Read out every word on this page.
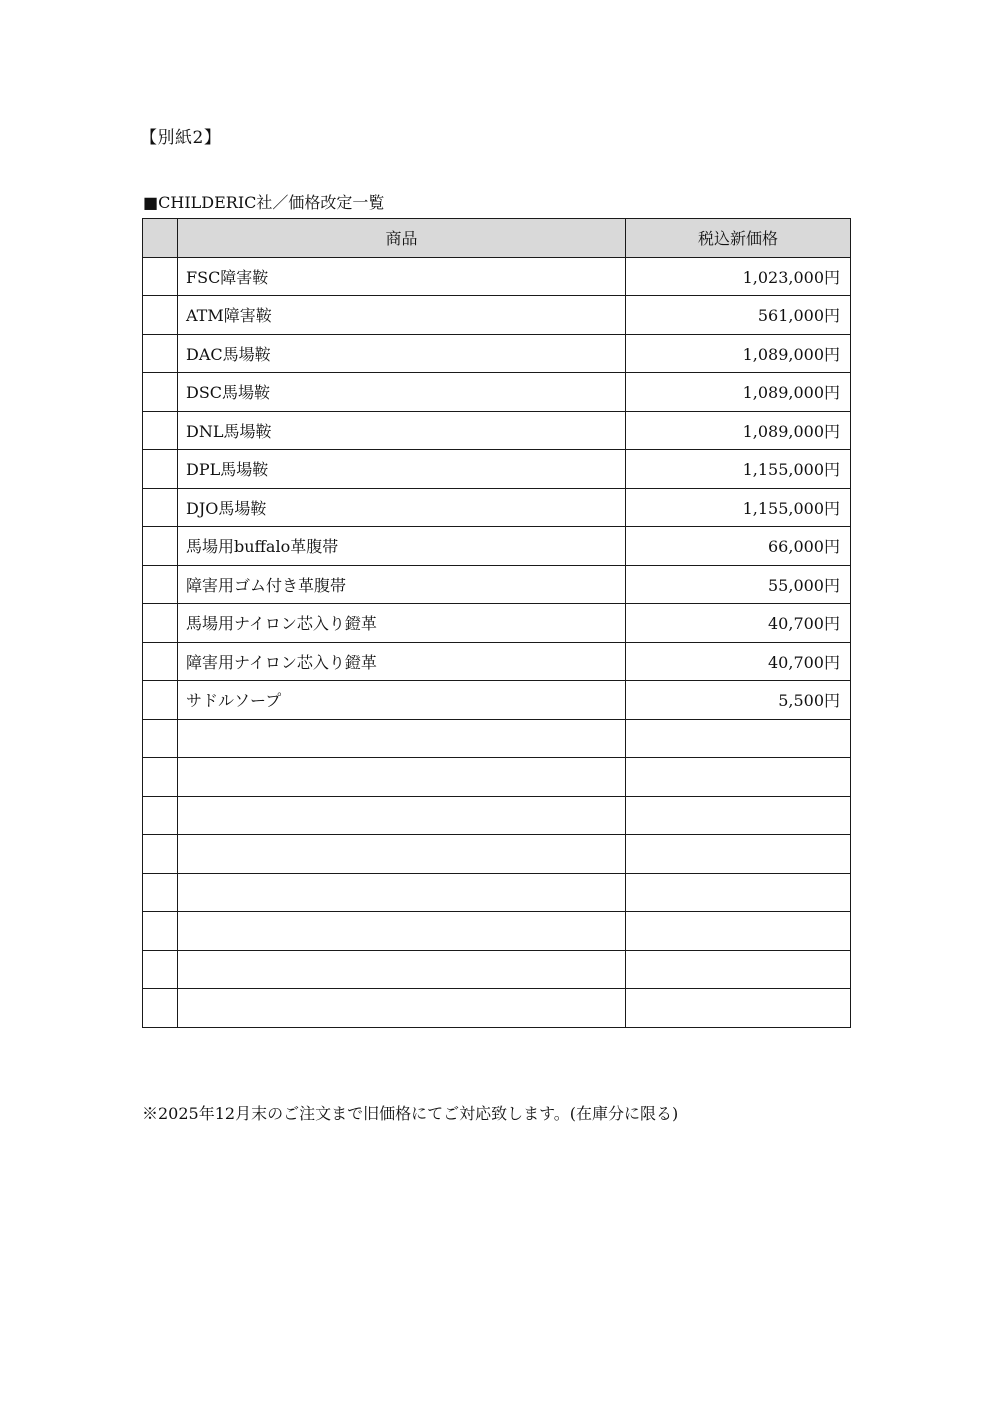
【別紙2】
■CHILDERIC社／価格改定一覧
	商品	税込新価格
	FSC障害鞍	1,023,000円
	ATM障害鞍	561,000円
	DAC馬場鞍	1,089,000円
	DSC馬場鞍	1,089,000円
	DNL馬場鞍	1,089,000円
	DPL馬場鞍	1,155,000円
	DJO馬場鞍	1,155,000円
	馬場用buffalo革腹帯	66,000円
	障害用ゴム付き革腹帯	55,000円
	馬場用ナイロン芯入り鐙革	40,700円
	障害用ナイロン芯入り鐙革	40,700円
	サドルソープ	5,500円

※2025年12月末のご注文まで旧価格にてご対応致します。(在庫分に限る)
